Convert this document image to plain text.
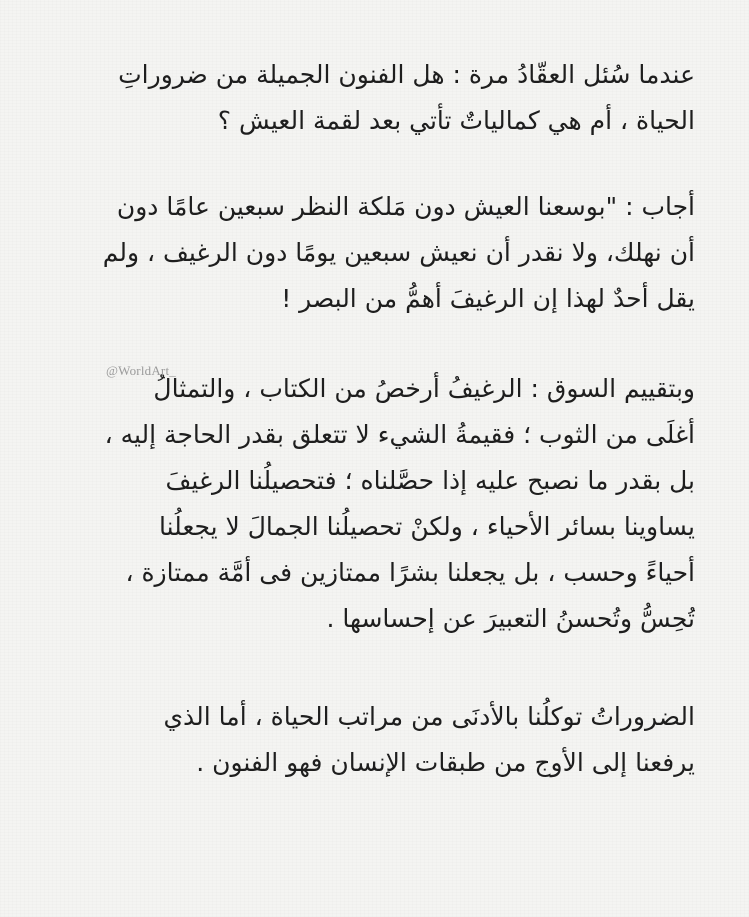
عندما سُئل العقّادُ مرة : هل الفنون الجميلة من ضروراتِ
الحياة ، أم هي كمالياتٌ تأتي بعد لقمة العيش ؟

أجاب : "بوسعنا العيش دون مَلكة النظر سبعين عامًا دون
أن نهلك، ولا نقدر أن نعيش سبعين يومًا دون الرغيف ، ولم
يقل أحدٌ لهذا إن الرغيفَ أهمُّ من البصر !

وبتقييم السوق : الرغيفُ أرخصُ من الكتاب ، والتمثالُ
أغلَى من الثوب ؛ فقيمةُ الشيء لا تتعلق بقدر الحاجة إليه ،
بل بقدر ما نصبح عليه إذا حصَّلناه ؛ فتحصيلُنا الرغيفَ
يساوينا بسائر الأحياء ، ولكنْ تحصيلُنا الجمالَ لا يجعلُنا
أحياءً وحسب ، بل يجعلنا بشرًا ممتازين فى أمَّة ممتازة ،
تُحِسُّ وتُحسنُ التعبيرَ عن إحساسها .

الضروراتُ توكلُنا بالأدنَى من مراتب الحياة ، أما الذي
يرفعنا إلى الأوج من طبقات الإنسان فهو الفنون .

@WorldArt_
